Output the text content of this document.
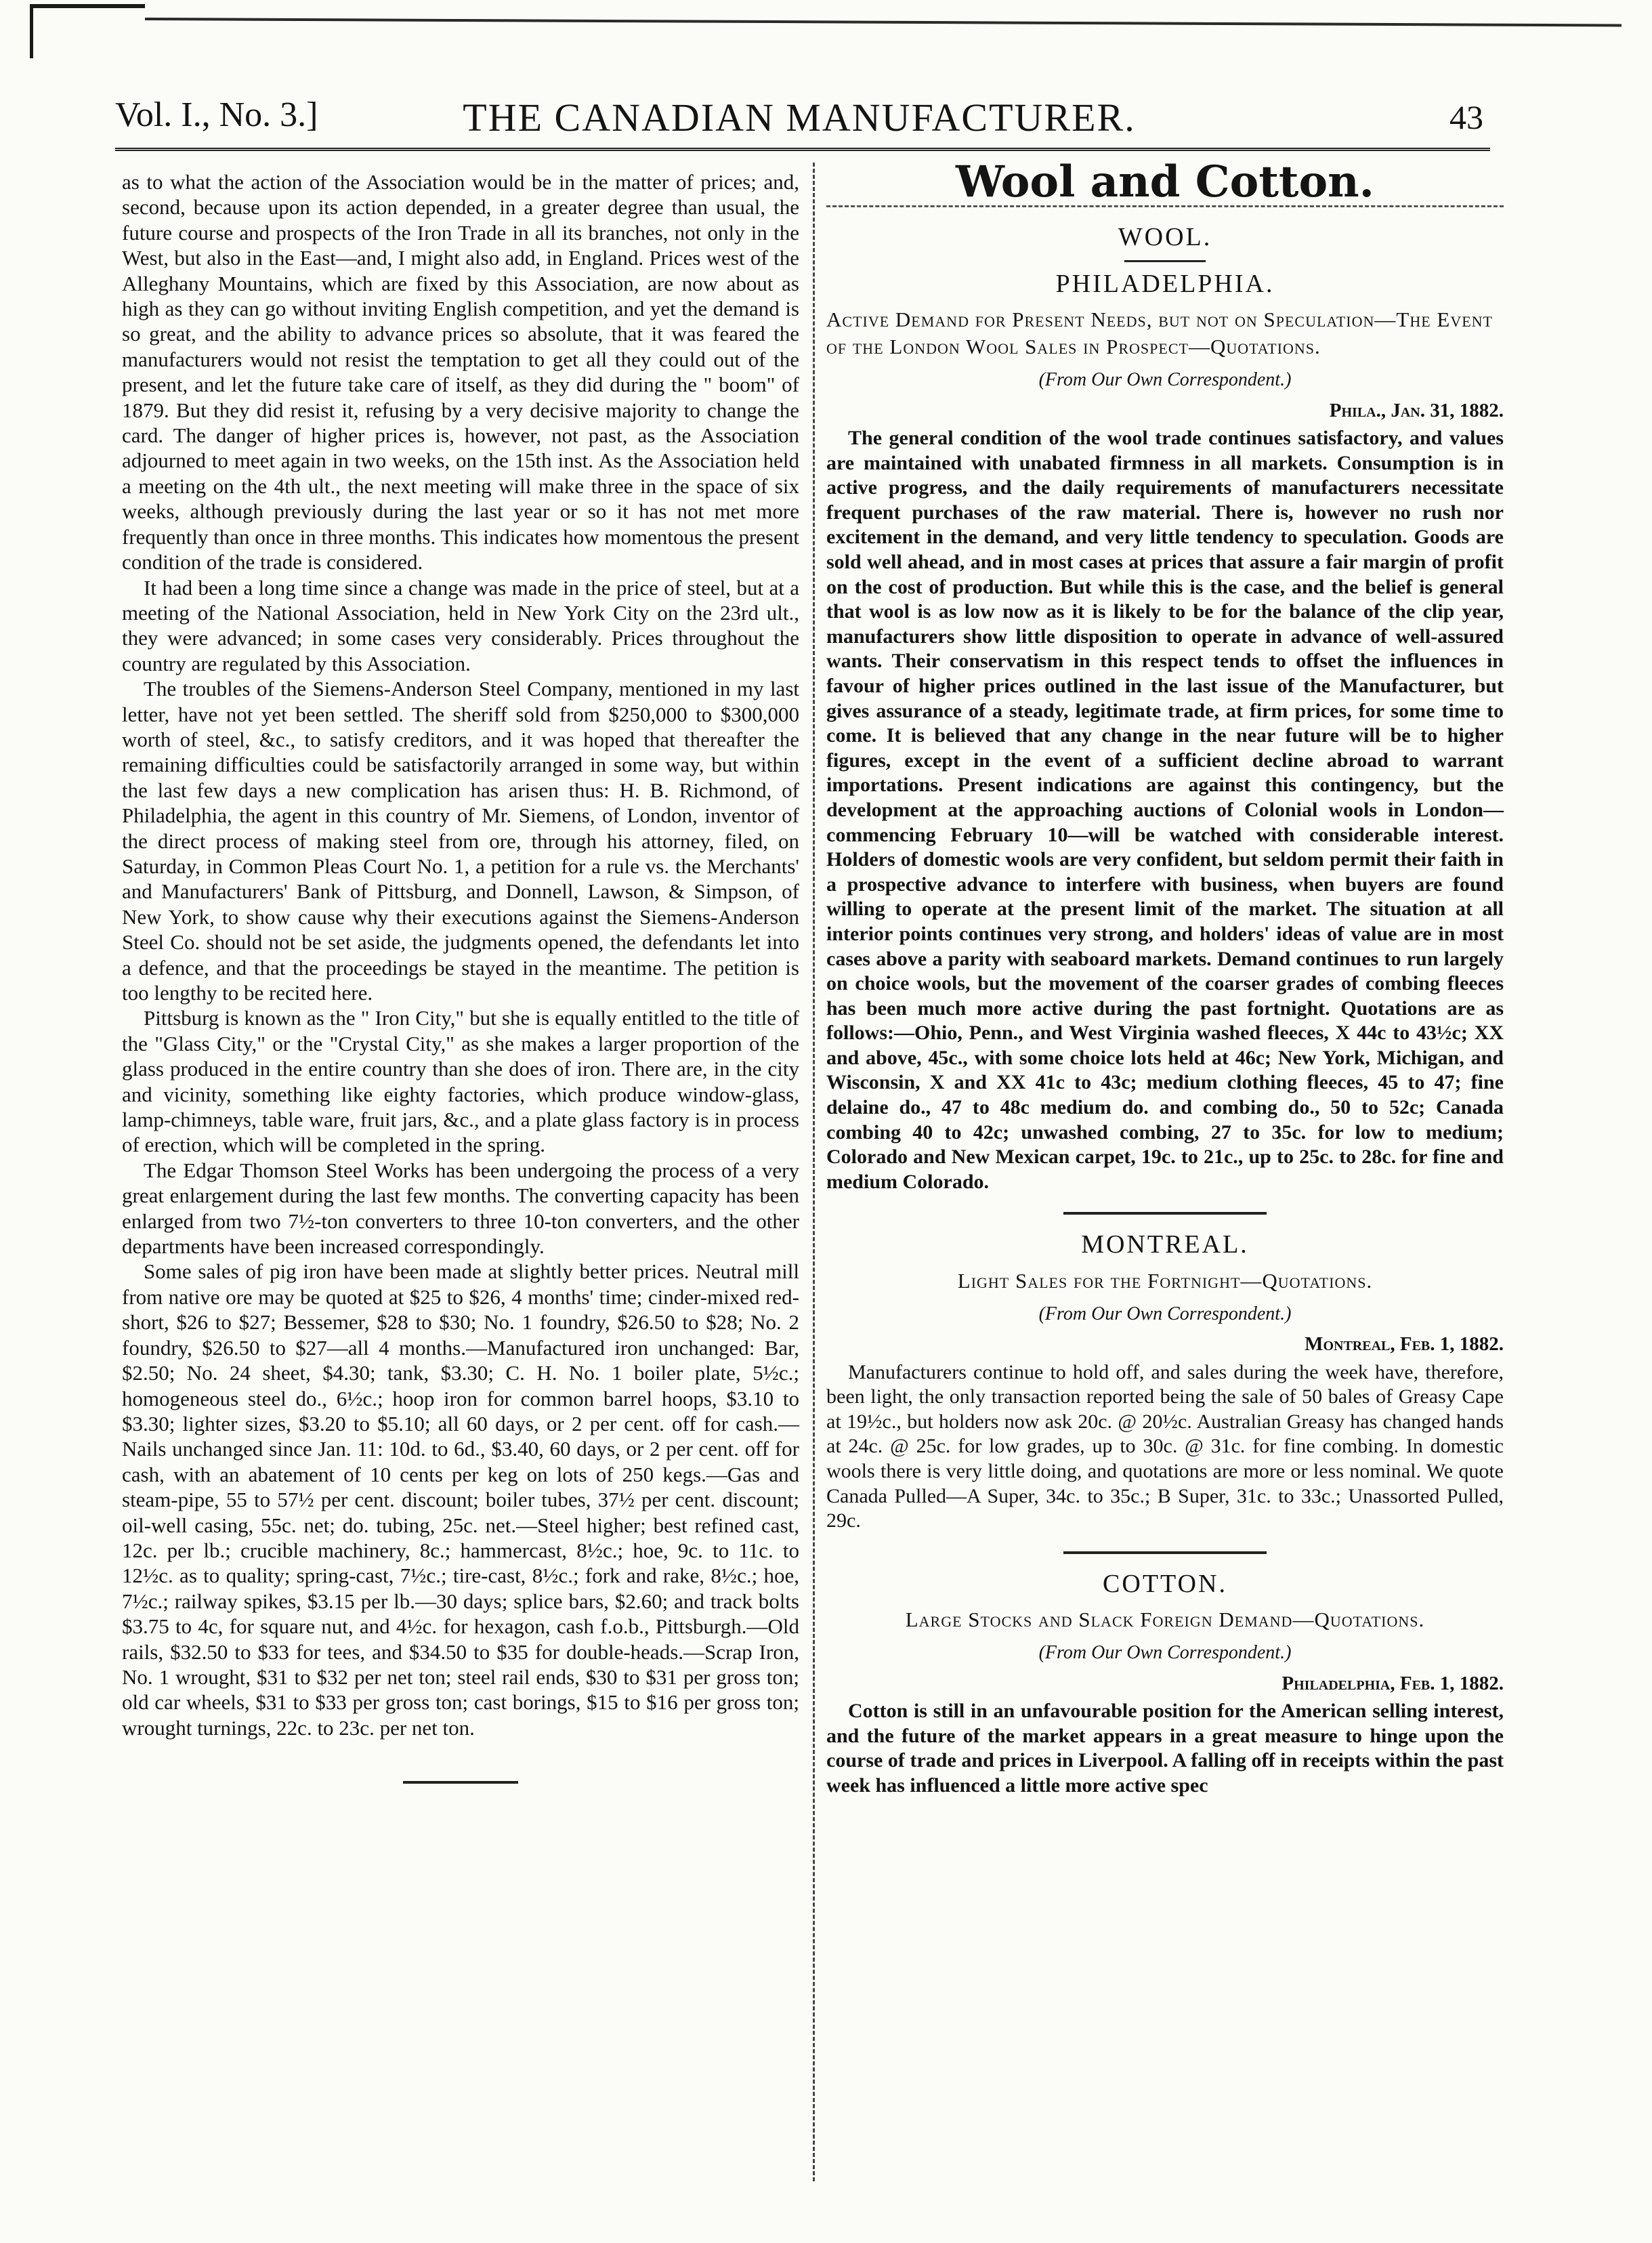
Vol. I., No. 3.]	THE CANADIAN MANUFACTURER.	43

as to what the action of the Association would be in the matter of prices; and, second, because upon its action depended, in a greater degree than usual, the future course and prospects of the Iron Trade in all its branches, not only in the West, but also in the East—and, I might also add, in England. Prices west of the Alleghany Mountains, which are fixed by this Association, are now about as high as they can go without inviting English competition, and yet the demand is so great, and the ability to advance prices so absolute, that it was feared the manufacturers would not resist the temptation to get all they could out of the present, and let the future take care of itself, as they did during the " boom" of 1879. But they did resist it, refusing by a very decisive majority to change the card. The danger of higher prices is, however, not past, as the Association adjourned to meet again in two weeks, on the 15th inst. As the Association held a meeting on the 4th ult., the next meeting will make three in the space of six weeks, although previously during the last year or so it has not met more frequently than once in three months. This indicates how momentous the present condition of the trade is considered.

It had been a long time since a change was made in the price of steel, but at a meeting of the National Association, held in New York City on the 23rd ult., they were advanced; in some cases very considerably. Prices throughout the country are regulated by this Association.

The troubles of the Siemens-Anderson Steel Company, mentioned in my last letter, have not yet been settled. The sheriff sold from $250,000 to $300,000 worth of steel, &c., to satisfy creditors, and it was hoped that thereafter the remaining difficulties could be satisfactorily arranged in some way, but within the last few days a new complication has arisen thus: H. B. Richmond, of Philadelphia, the agent in this country of Mr. Siemens, of London, inventor of the direct process of making steel from ore, through his attorney, filed, on Saturday, in Common Pleas Court No. 1, a petition for a rule vs. the Merchants' and Manufacturers' Bank of Pittsburg, and Donnell, Lawson, & Simpson, of New York, to show cause why their executions against the Siemens-Anderson Steel Co. should not be set aside, the judgments opened, the defendants let into a defence, and that the proceedings be stayed in the meantime. The petition is too lengthy to be recited here.

Pittsburg is known as the " Iron City," but she is equally entitled to the title of the "Glass City," or the "Crystal City," as she makes a larger proportion of the glass produced in the entire country than she does of iron. There are, in the city and vicinity, something like eighty factories, which produce window-glass, lamp-chimneys, table ware, fruit jars, &c., and a plate glass factory is in process of erection, which will be completed in the spring.

The Edgar Thomson Steel Works has been undergoing the process of a very great enlargement during the last few months. The converting capacity has been enlarged from two 7½-ton converters to three 10-ton converters, and the other departments have been increased correspondingly.

Some sales of pig iron have been made at slightly better prices. Neutral mill from native ore may be quoted at $25 to $26, 4 months' time; cinder-mixed red-short, $26 to $27; Bessemer, $28 to $30; No. 1 foundry, $26.50 to $28; No. 2 foundry, $26.50 to $27—all 4 months.—Manufactured iron unchanged: Bar, $2.50; No. 24 sheet, $4.30; tank, $3.30; C. H. No. 1 boiler plate, 5½c.; homogeneous steel do., 6½c.; hoop iron for common barrel hoops, $3.10 to $3.30; lighter sizes, $3.20 to $5.10; all 60 days, or 2 per cent. off for cash.—Nails unchanged since Jan. 11: 10d. to 6d., $3.40, 60 days, or 2 per cent. off for cash, with an abatement of 10 cents per keg on lots of 250 kegs.—Gas and steam-pipe, 55 to 57½ per cent. discount; boiler tubes, 37½ per cent. discount; oil-well casing, 55c. net; do. tubing, 25c. net.—Steel higher; best refined cast, 12c. per lb.; crucible machinery, 8c.; hammercast, 8½c.; hoe, 9c. to 11c. to 12½c. as to quality; spring-cast, 7½c.; tire-cast, 8½c.; fork and rake, 8½c.; hoe, 7½c.; railway spikes, $3.15 per lb.—30 days; splice bars, $2.60; and track bolts $3.75 to 4c, for square nut, and 4½c. for hexagon, cash f.o.b., Pittsburgh.—Old rails, $32.50 to $33 for tees, and $34.50 to $35 for double-heads.—Scrap Iron, No. 1 wrought, $31 to $32 per net ton; steel rail ends, $30 to $31 per gross ton; old car wheels, $31 to $33 per gross ton; cast borings, $15 to $16 per gross ton; wrought turnings, 22c. to 23c. per net ton.

Wool and Cotton.
WOOL.
PHILADELPHIA.
Active Demand for Present Needs, but not on Speculation—The Event of the London Wool Sales in Prospect—Quotations.
(From Our Own Correspondent.)
Phila., Jan. 31, 1882.

The general condition of the wool trade continues satisfactory, and values are maintained with unabated firmness in all markets. Consumption is in active progress, and the daily requirements of manufacturers necessitate frequent purchases of the raw material. There is, however no rush nor excitement in the demand, and very little tendency to speculation. Goods are sold well ahead, and in most cases at prices that assure a fair margin of profit on the cost of production. But while this is the case, and the belief is general that wool is as low now as it is likely to be for the balance of the clip year, manufacturers show little disposition to operate in advance of well-assured wants. Their conservatism in this respect tends to offset the influences in favour of higher prices outlined in the last issue of the Manufacturer, but gives assurance of a steady, legitimate trade, at firm prices, for some time to come. It is believed that any change in the near future will be to higher figures, except in the event of a sufficient decline abroad to warrant importations. Present indications are against this contingency, but the development at the approaching auctions of Colonial wools in London—commencing February 10—will be watched with considerable interest. Holders of domestic wools are very confident, but seldom permit their faith in a prospective advance to interfere with business, when buyers are found willing to operate at the present limit of the market. The situation at all interior points continues very strong, and holders' ideas of value are in most cases above a parity with seaboard markets. Demand continues to run largely on choice wools, but the movement of the coarser grades of combing fleeces has been much more active during the past fortnight. Quotations are as follows:—Ohio, Penn., and West Virginia washed fleeces, X 44c to 43½c; XX and above, 45c., with some choice lots held at 46c; New York, Michigan, and Wisconsin, X and XX 41c to 43c; medium clothing fleeces, 45 to 47; fine delaine do., 47 to 48c medium do. and combing do., 50 to 52c; Canada combing 40 to 42c; unwashed combing, 27 to 35c. for low to medium; Colorado and New Mexican carpet, 19c. to 21c., up to 25c. to 28c. for fine and medium Colorado.

MONTREAL.
Light Sales for the Fortnight—Quotations.
(From Our Own Correspondent.)
Montreal, Feb. 1, 1882.

Manufacturers continue to hold off, and sales during the week have, therefore, been light, the only transaction reported being the sale of 50 bales of Greasy Cape at 19½c., but holders now ask 20c. @ 20½c. Australian Greasy has changed hands at 24c. @ 25c. for low grades, up to 30c. @ 31c. for fine combing. In domestic wools there is very little doing, and quotations are more or less nominal. We quote Canada Pulled—A Super, 34c. to 35c.; B Super, 31c. to 33c.; Unassorted Pulled, 29c.

COTTON.
Large Stocks and Slack Foreign Demand—Quotations.
(From Our Own Correspondent.)
Philadelphia, Feb. 1, 1882.

Cotton is still in an unfavourable position for the American selling interest, and the future of the market appears in a great measure to hinge upon the course of trade and prices in Liverpool. A falling off in receipts within the past week has influenced a little more active spec
